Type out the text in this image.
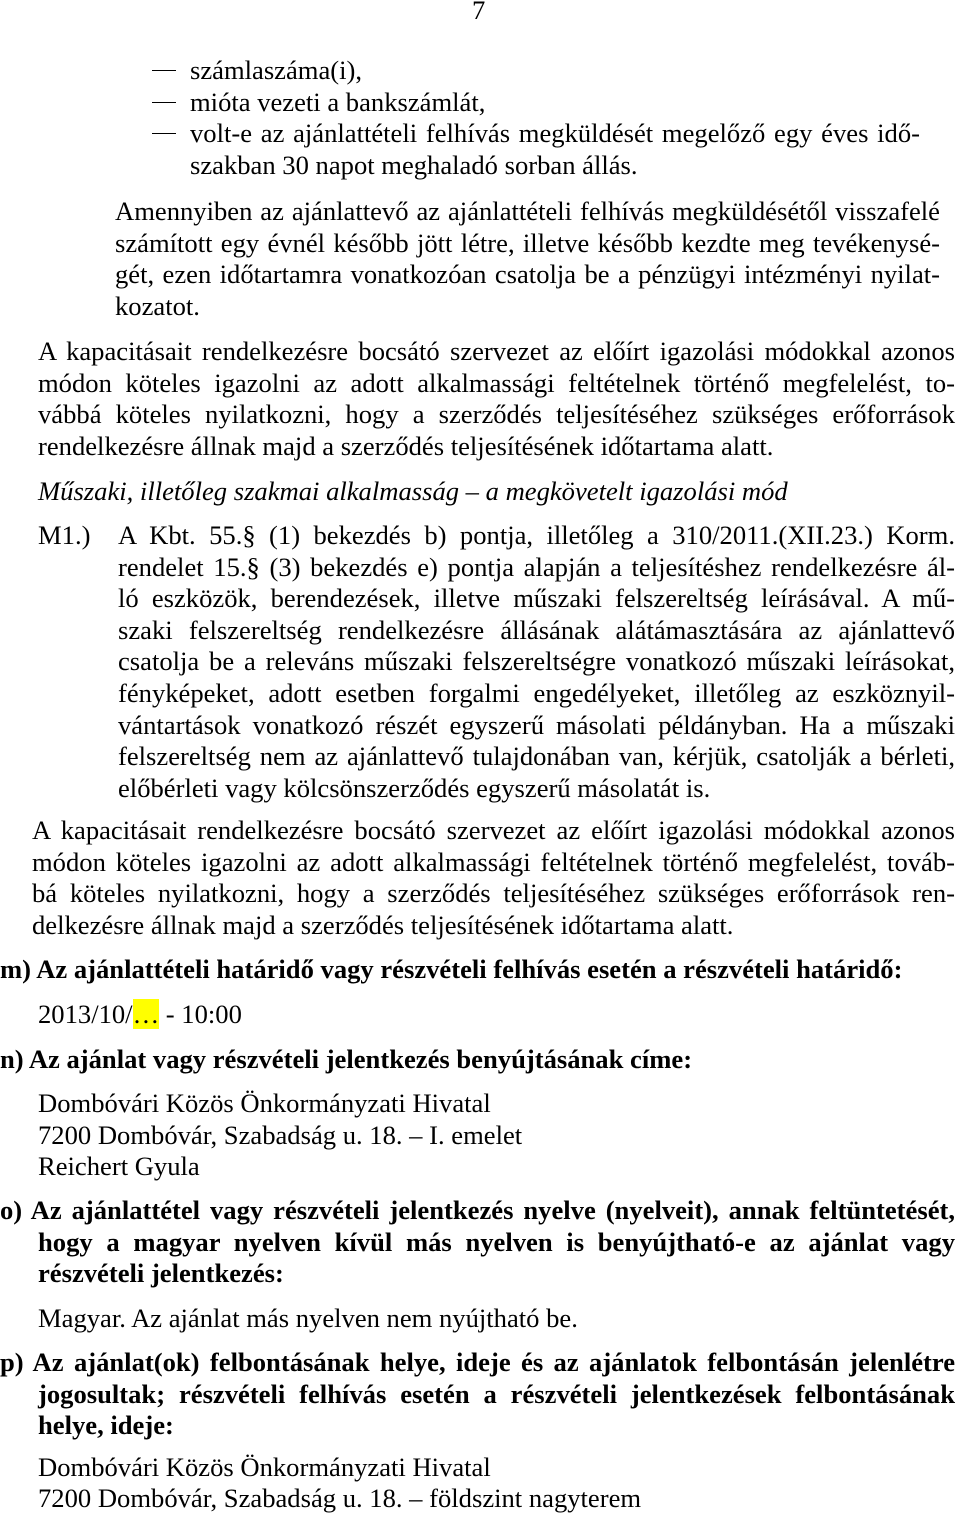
7
számlaszáma(i),
mióta vezeti a bankszámlát,
volt-e az ajánlattételi felhívás megküldését megelőző egy éves idő-
szakban 30 napot meghaladó sorban állás.
Amennyiben az ajánlattevő az ajánlattételi felhívás megküldésétől visszafelé
számított egy évnél később jött létre, illetve később kezdte meg tevékenysé-
gét, ezen időtartamra vonatkozóan csatolja be a pénzügyi intézményi nyilat-
kozatot.
A kapacitásait rendelkezésre bocsátó szervezet az előírt igazolási módokkal azonos
módon köteles igazolni az adott alkalmassági feltételnek történő megfelelést, to-
vábbá köteles nyilatkozni, hogy a szerződés teljesítéséhez szükséges erőforrások
rendelkezésre állnak majd a szerződés teljesítésének időtartama alatt.
Műszaki, illetőleg szakmai alkalmasság – a megkövetelt igazolási mód
M1.) A Kbt. 55.§ (1) bekezdés b) pontja, illetőleg a 310/2011.(XII.23.) Korm.
rendelet 15.§ (3) bekezdés e) pontja alapján a teljesítéshez rendelkezésre ál-
ló eszközök, berendezések, illetve műszaki felszereltség leírásával. A mű-
szaki felszereltség rendelkezésre állásának alátámasztására az ajánlattevő
csatolja be a releváns műszaki felszereltségre vonatkozó műszaki leírásokat,
fényképeket, adott esetben forgalmi engedélyeket, illetőleg az eszköznyil-
vántartások vonatkozó részét egyszerű másolati példányban. Ha a műszaki
felszereltség nem az ajánlattevő tulajdonában van, kérjük, csatolják a bérleti,
előbérleti vagy kölcsönszerződés egyszerű másolatát is.
A kapacitásait rendelkezésre bocsátó szervezet az előírt igazolási módokkal azonos
módon köteles igazolni az adott alkalmassági feltételnek történő megfelelést, továb-
bá köteles nyilatkozni, hogy a szerződés teljesítéséhez szükséges erőforrások ren-
delkezésre állnak majd a szerződés teljesítésének időtartama alatt.
m) Az ajánlattételi határidő vagy részvételi felhívás esetén a részvételi határidő:
2013/10/… - 10:00
n) Az ajánlat vagy részvételi jelentkezés benyújtásának címe:
Dombóvári Közös Önkormányzati Hivatal
7200 Dombóvár, Szabadság u. 18. – I. emelet
Reichert Gyula
o) Az ajánlattétel vagy részvételi jelentkezés nyelve (nyelveit), annak feltüntetését,
hogy a magyar nyelven kívül más nyelven is benyújtható-e az ajánlat vagy
részvételi jelentkezés:
Magyar. Az ajánlat más nyelven nem nyújtható be.
p) Az ajánlat(ok) felbontásának helye, ideje és az ajánlatok felbontásán jelenlétre
jogosultak; részvételi felhívás esetén a részvételi jelentkezések felbontásának
helye, ideje:
Dombóvári Közös Önkormányzati Hivatal
7200 Dombóvár, Szabadság u. 18. – földszint nagyterem
